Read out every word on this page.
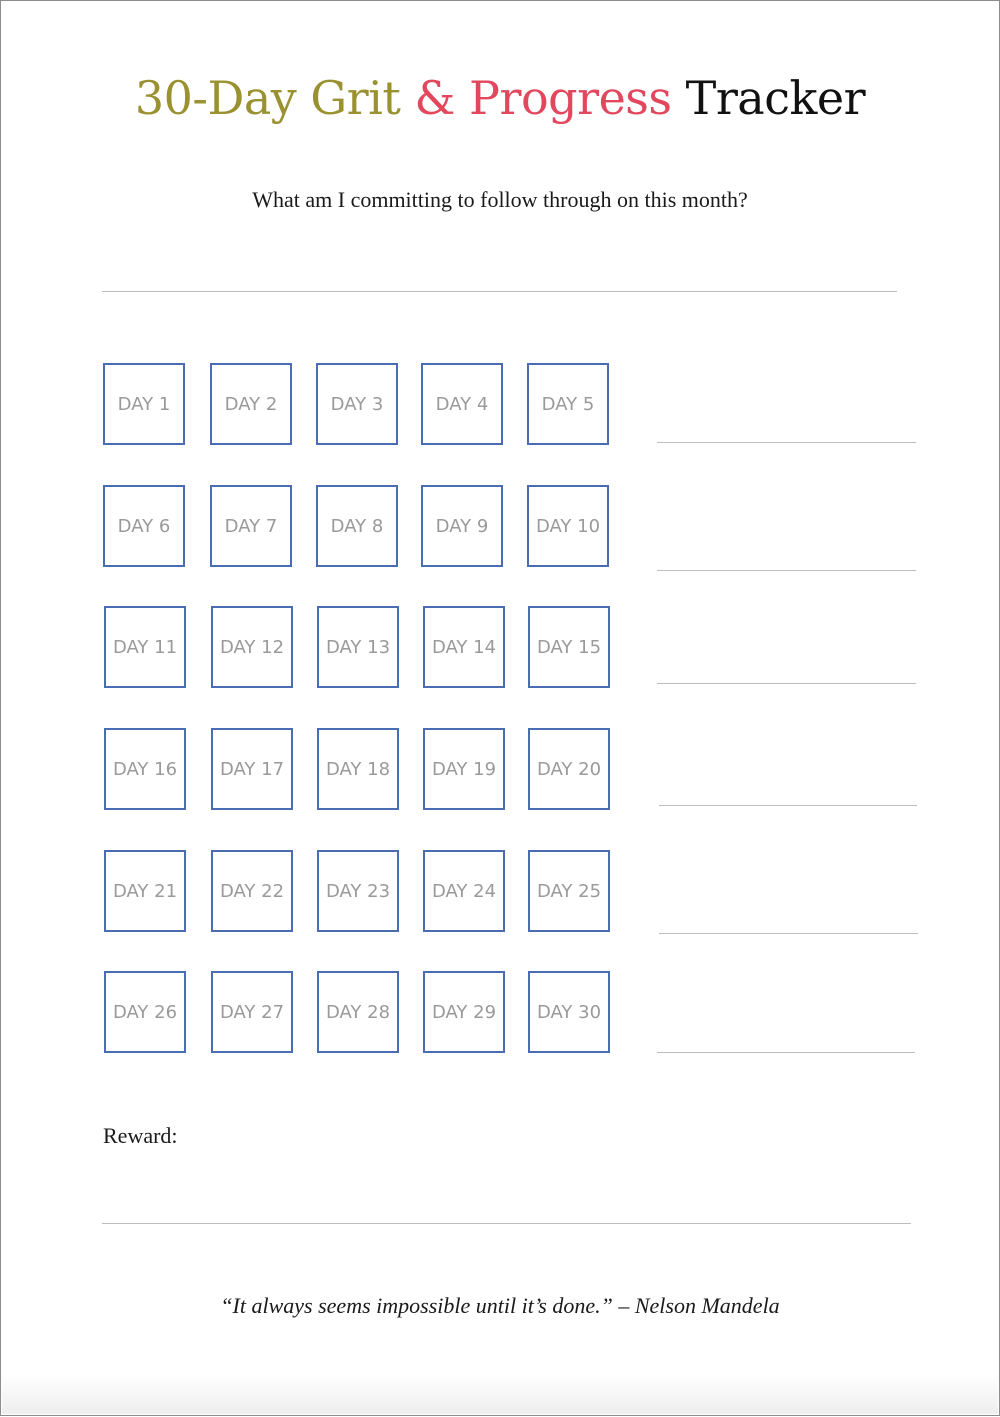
30-Day Grit & Progress Tracker
What am I committing to follow through on this month?
DAY 1	DAY 2	DAY 3	DAY 4	DAY 5
DAY 6	DAY 7	DAY 8	DAY 9	DAY 10
DAY 11	DAY 12	DAY 13	DAY 14	DAY 15
DAY 16	DAY 17	DAY 18	DAY 19	DAY 20
DAY 21	DAY 22	DAY 23	DAY 24	DAY 25
DAY 26	DAY 27	DAY 28	DAY 29	DAY 30
Reward:
“It always seems impossible until it’s done.” – Nelson Mandela
